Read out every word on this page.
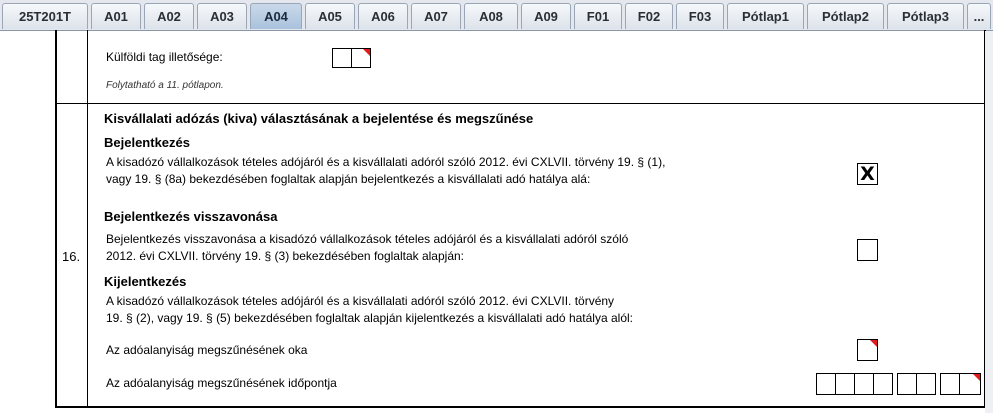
25T201T	A01	A02	A03	A04	A05	A06	A07	A08	A09	F01	F02	F03	Pótlap1	Pótlap2	Pótlap3	...
Külföldi tag illetősége:
Folytatható a 11. pótlapon.
16.
Kisvállalati adózás (kiva) választásának a bejelentése és megszűnése
Bejelentkezés
A kisadózó vállalkozások tételes adójáról és a kisvállalati adóról szóló 2012. évi CXLVII. törvény 19. § (1),
vagy 19. § (8a) bekezdésében foglaltak alapján bejelentkezés a kisvállalati adó hatálya alá:	X
Bejelentkezés visszavonása
Bejelentkezés visszavonása a kisadózó vállalkozások tételes adójáról és a kisvállalati adóról szóló
2012. évi CXLVII. törvény 19. § (3) bekezdésében foglaltak alapján:
Kijelentkezés
A kisadózó vállalkozások tételes adójáról és a kisvállalati adóról szóló 2012. évi CXLVII. törvény
19. § (2), vagy 19. § (5) bekezdésében foglaltak alapján kijelentkezés a kisvállalati adó hatálya alól:
Az adóalanyiság megszűnésének oka
Az adóalanyiság megszűnésének időpontja
